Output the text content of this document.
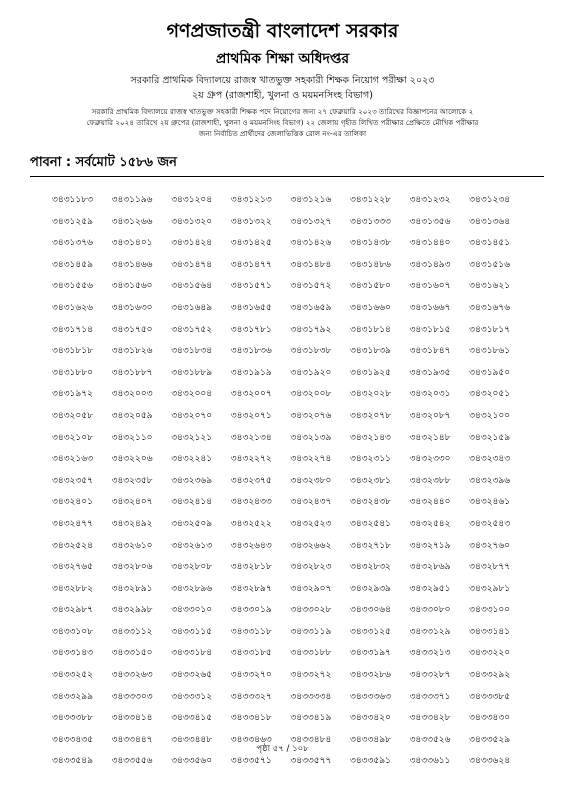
গণপ্রজাতন্ত্রী বাংলাদেশ সরকার
প্রাথমিক শিক্ষা অধিদপ্তর
সরকারি প্রাথমিক বিদ্যালয়ে রাজস্ব খাতভুক্ত সহকারী শিক্ষক নিয়োগ পরীক্ষা ২০২৩
২য় গ্রুপ (রাজশাহী, খুলনা ও ময়মনসিংহ বিভাগ)
সরকারি প্রাথমিক বিদ্যালয়ে রাজস্ব খাতভুক্ত সহকারী শিক্ষক পদে নিয়োগের জন্য ২৭ ফেব্রুয়ারি ২০২৩ তারিখের বিজ্ঞাপনের আলোকে ২
ফেব্রুয়ারি ২০২৪ তারিখে ২য় গ্রুপের (রাজশাহী, খুলনা ও ময়মনসিংহ বিভাগ) ২২ জেলায় গৃহীত লিখিত পরীক্ষার প্রেক্ষিতে মৌখিক পরীক্ষার
জন্য নির্বাচিত প্রার্থীদের জেলাভিত্তিক রোল নং-এর তালিকা
পাবনা : সর্বমোট ১৫৮৬ জন
৩৪৩১১৮৩	৩৪৩১১৯৬	৩৪৩১২০৪	৩৪৩১২১৩	৩৪৩১২১৬	৩৪৩১২২৮	৩৪৩১২৩২	৩৪৩১২৩৪
৩৪৩১২৫৯	৩৪৩১২৬৬	৩৪৩১৩২০	৩৪৩১৩২২	৩৪৩১৩২৭	৩৪৩১৩৩৩	৩৪৩১৩৫৬	৩৪৩১৩৬৪
৩৪৩১৩৭৬	৩৪৩১৪০১	৩৪৩১৪২৪	৩৪৩১৪২৫	৩৪৩১৪২৬	৩৪৩১৪৩৮	৩৪৩১৪৪০	৩৪৩১৪৫১
৩৪৩১৪৫৯	৩৪৩১৪৬৬	৩৪৩১৪৭৪	৩৪৩১৪৭৭	৩৪৩১৪৮৪	৩৪৩১৪৮৬	৩৪৩১৪৯৩	৩৪৩১৫১৬
৩৪৩১৫৫৬	৩৪৩১৫৬০	৩৪৩১৫৬৪	৩৪৩১৫৭১	৩৪৩১৫৭২	৩৪৩১৫৮০	৩৪৩১৬০৭	৩৪৩১৬২১
৩৪৩১৬২৬	৩৪৩১৬৩০	৩৪৩১৬৪৯	৩৪৩১৬৫৫	৩৪৩১৬৫৯	৩৪৩১৬৬০	৩৪৩১৬৬৭	৩৪৩১৬৭৬
৩৪৩১৭১৪	৩৪৩১৭৫০	৩৪৩১৭৫২	৩৪৩১৭৮১	৩৪৩১৭৯২	৩৪৩১৮১৪	৩৪৩১৮১৫	৩৪৩১৮১৭
৩৪৩১৮১৮	৩৪৩১৮২৬	৩৪৩১৮৩৪	৩৪৩১৮৩৬	৩৪৩১৮৩৮	৩৪৩১৮৩৯	৩৪৩১৮৪৭	৩৪৩১৮৬১
৩৪৩১৮৮০	৩৪৩১৮৮৭	৩৪৩১৮৮৯	৩৪৩১৯১৯	৩৪৩১৯২০	৩৪৩১৯২৫	৩৪৩১৯৩৫	৩৪৩১৯৫০
৩৪৩১৯৭২	৩৪৩২০০৩	৩৪৩২০০৪	৩৪৩২০০৭	৩৪৩২০০৮	৩৪৩২০২৮	৩৪৩২০৩১	৩৪৩২০৫১
৩৪৩২০৫৮	৩৪৩২০৫৯	৩৪৩২০৭০	৩৪৩২০৭১	৩৪৩২০৭৬	৩৪৩২০৭৮	৩৪৩২০৮৭	৩৪৩২১০০
৩৪৩২১০৮	৩৪৩২১১০	৩৪৩২১২১	৩৪৩২১৩৪	৩৪৩২১৩৯	৩৪৩২১৪৩	৩৪৩২১৪৮	৩৪৩২১৫৯
৩৪৩২১৬৩	৩৪৩২২০৬	৩৪৩২২৪১	৩৪৩২২৭২	৩৪৩২২৭৪	৩৪৩২৩১১	৩৪৩২৩৩০	৩৪৩২৩৪৩
৩৪৩২৩৫৭	৩৪৩২৩৫৮	৩৪৩২৩৬৯	৩৪৩২৩৭৫	৩৪৩২৩৮০	৩৪৩২৩৮১	৩৪৩২৩৮৮	৩৪৩২৩৯৬
৩৪৩২৪০১	৩৪৩২৪০৭	৩৪৩২৪১৪	৩৪৩২৪৩৩	৩৪৩২৪৩৭	৩৪৩২৪৩৮	৩৪৩২৪৪০	৩৪৩২৪৬১
৩৪৩২৪৭৭	৩৪৩২৪৯২	৩৪৩২৫০৯	৩৪৩২৫২২	৩৪৩২৫২৩	৩৪৩২৫৪১	৩৪৩২৫৪২	৩৪৩২৫৪৩
৩৪৩২৫২৪	৩৪৩২৬১০	৩৪৩২৬১৩	৩৪৩২৬৪৩	৩৪৩২৬৬২	৩৪৩২৭১৮	৩৪৩২৭১৯	৩৪৩২৭৬০
৩৪৩২৭৬৫	৩৪৩২৮০৬	৩৪৩২৮০৮	৩৪৩২৮১৮	৩৪৩২৮২৩	৩৪৩২৮৩২	৩৪৩২৮৬৯	৩৪৩২৮৭৭
৩৪৩২৮৮২	৩৪৩২৮৯১	৩৪৩২৮৯৬	৩৪৩২৮৯৭	৩৪৩২৯০৭	৩৪৩২৯৩৯	৩৪৩২৯৫১	৩৪৩২৯৮১
৩৪৩২৯৮৭	৩৪৩২৯৯৮	৩৪৩৩০১০	৩৪৩৩০১৯	৩৪৩৩০২৮	৩৪৩৩০৬৪	৩৪৩৩০৮০	৩৪৩৩১০০
৩৪৩৩১০৮	৩৪৩৩১১২	৩৪৩৩১১৫	৩৪৩৩১১৮	৩৪৩৩১১৯	৩৪৩৩১২৫	৩৪৩৩১২৯	৩৪৩৩১৪১
৩৪৩৩১৪৩	৩৪৩৩১৫০	৩৪৩৩১৮৪	৩৪৩৩১৮৫	৩৪৩৩১৮৮	৩৪৩৩১৯৭	৩৪৩৩২১৩	৩৪৩৩২২০
৩৪৩৩২৫২	৩৪৩৩২৬৩	৩৪৩৩২৬৫	৩৪৩৩২৭০	৩৪৩৩২৭২	৩৪৩৩২৮৬	৩৪৩৩২৮৭	৩৪৩৩২৯২
৩৪৩৩২৯৯	৩৪৩৩৩০৩	৩৪৩৩৩১২	৩৪৩৩৩২৭	৩৪৩৩৩৩৪	৩৪৩৩৩৬৩	৩৪৩৩৩৭১	৩৪৩৩৩৮৫
৩৪৩৩৩৮৮	৩৪৩৩৪১৪	৩৪৩৩৪১৫	৩৪৩৩৪১৮	৩৪৩৩৪১৯	৩৪৩৩৪২০	৩৪৩৩৪২৮	৩৪৩৩৪৩০
৩৪৩৩৪৩৫	৩৪৩৩৪৪৭	৩৪৩৩৪৪৮	৩৪৩৩৪৬৩	৩৪৩৩৪৮৪	৩৪৩৩৪৯৮	৩৪৩৩৫২৬	৩৪৩৩৫২৯
৩৪৩৩৫৪৯	৩৪৩৩৫৫৬	৩৪৩৩৫৬০	৩৪৩৩৫৭১	৩৪৩৩৫৭৭	৩৪৩৩৫৯১	৩৪৩৩৬১১	৩৪৩৩৬২৪
পৃষ্ঠা ৫৭ / ১০৮
